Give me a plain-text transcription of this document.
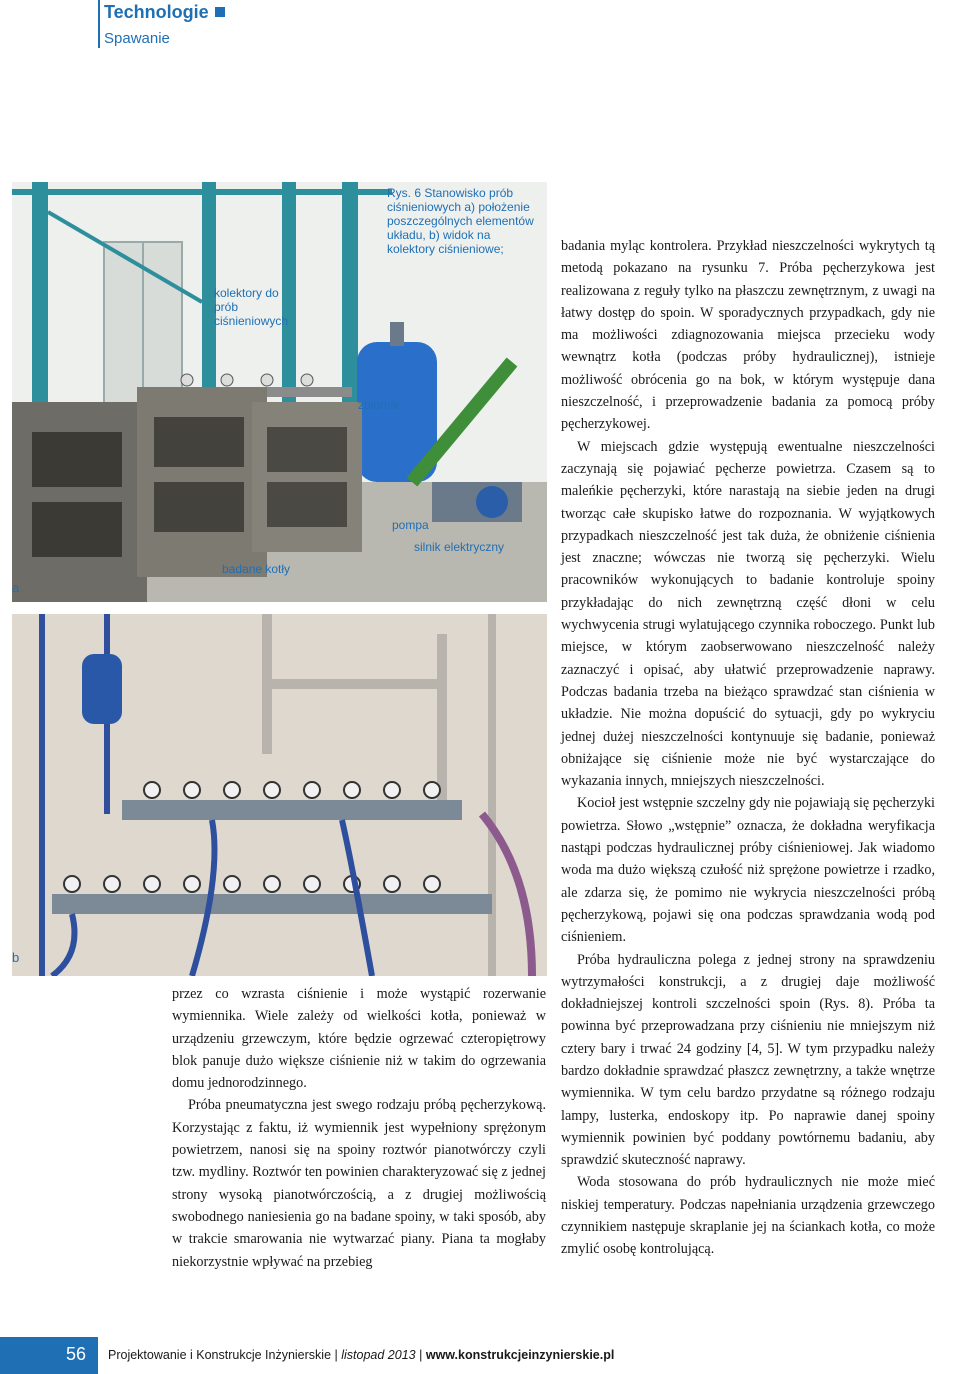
Technologie
Spawanie
Rys. 6 Stanowisko prób ciśnieniowych a) położenie poszczególnych elementów układu, b) widok na kolektory ciśnieniowe;
kolektory do prób ciśnieniowych
zbiornik
pompa
silnik elektryczny
badane kotły
a
b

przez co wzrasta ciśnienie i może wystąpić rozerwanie wymiennika. Wiele zależy od wielkości kotła, ponieważ w urządzeniu grzewczym, które będzie ogrzewać czteropiętrowy blok panuje dużo większe ciśnienie niż w takim do ogrzewania domu jednorodzinnego.

Próba pneumatyczna jest swego rodzaju próbą pęcherzykową. Korzystając z faktu, iż wymiennik jest wypełniony sprężonym powietrzem, nanosi się na spoiny roztwór pianotwórczy czyli tzw. mydliny. Roztwór ten powinien charakteryzować się z jednej strony wysoką pianotwórczością, a z drugiej możliwością swobodnego naniesienia go na badane spoiny, w taki sposób, aby w trakcie smarowania nie wytwarzać piany. Piana ta mogłaby niekorzystnie wpływać na przebieg

badania myląc kontrolera. Przykład nieszczelności wykrytych tą metodą pokazano na rysunku 7. Próba pęcherzykowa jest realizowana z reguły tylko na płaszczu zewnętrznym, z uwagi na łatwy dostęp do spoin. W sporadycznych przypadkach, gdy nie ma możliwości zdiagnozowania miejsca przecieku wody wewnątrz kotła (podczas próby hydraulicznej), istnieje możliwość obrócenia go na bok, w którym występuje dana nieszczelność, i przeprowadzenie badania za pomocą próby pęcherzykowej.

W miejscach gdzie występują ewentualne nieszczelności zaczynają się pojawiać pęcherze powietrza. Czasem są to maleńkie pęcherzyki, które narastają na siebie jeden na drugi tworząc całe skupisko łatwe do rozpoznania. W wyjątkowych przypadkach nieszczelność jest tak duża, że obniżenie ciśnienia jest znaczne; wówczas nie tworzą się pęcherzyki. Wielu pracowników wykonujących to badanie kontroluje spoiny przykładając do nich zewnętrzną część dłoni w celu wychwycenia strugi wylatującego czynnika roboczego. Punkt lub miejsce, w którym zaobserwowano nieszczelność należy zaznaczyć i opisać, aby ułatwić przeprowadzenie naprawy. Podczas badania trzeba na bieżąco sprawdzać stan ciśnienia w układzie. Nie można dopuścić do sytuacji, gdy po wykryciu jednej dużej nieszczelności kontynuuje się badanie, ponieważ obniżające się ciśnienie może nie być wystarczające do wykazania innych, mniejszych nieszczelności.

Kocioł jest wstępnie szczelny gdy nie pojawiają się pęcherzyki powietrza. Słowo „wstępnie” oznacza, że dokładna weryfikacja nastąpi podczas hydraulicznej próby ciśnieniowej. Jak wiadomo woda ma dużo większą czułość niż sprężone powietrze i rzadko, ale zdarza się, że pomimo nie wykrycia nieszczelności próbą pęcherzykową, pojawi się ona podczas sprawdzania wodą pod ciśnieniem.

Próba hydrauliczna polega z jednej strony na sprawdzeniu wytrzymałości konstrukcji, a z drugiej daje możliwość dokładniejszej kontroli szczelności spoin (Rys. 8). Próba ta powinna być przeprowadzana przy ciśnieniu nie mniejszym niż cztery bary i trwać 24 godziny [4, 5]. W tym przypadku należy bardzo dokładnie sprawdzać płaszcz zewnętrzny, a także wnętrze wymiennika. W tym celu bardzo przydatne są różnego rodzaju lampy, lusterka, endoskopy itp. Po naprawie danej spoiny wymiennik powinien być poddany powtórnemu badaniu, aby sprawdzić skuteczność naprawy.

Woda stosowana do prób hydraulicznych nie może mieć niskiej temperatury. Podczas napełniania urządzenia grzewczego czynnikiem następuje skraplanie jej na ściankach kotła, co może zmylić osobę kontrolującą.

56 Projektowanie i Konstrukcje Inżynierskie | listopad 2013 | www.konstrukcjeinzynierskie.pl
